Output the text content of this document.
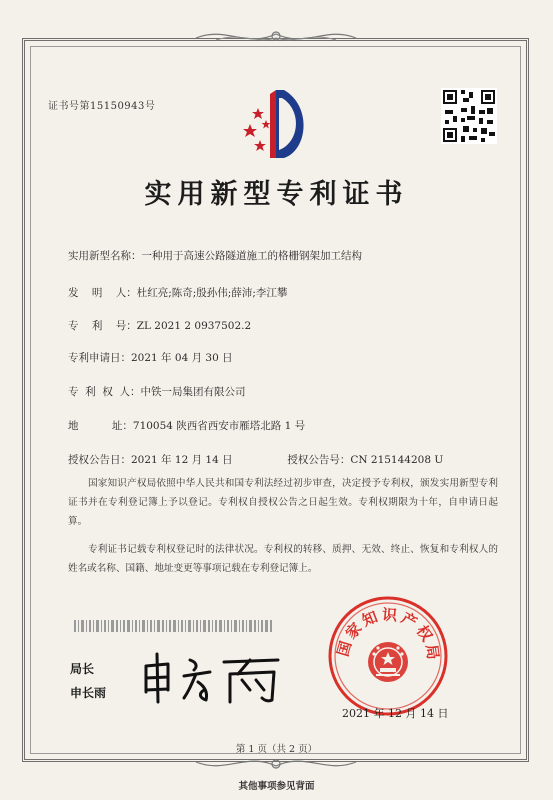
证书号第15150943号
实用新型专利证书
实用新型名称：一种用于高速公路隧道施工的格栅钢架加工结构
发    明    人：杜红亮;陈奇;殷孙伟;薛沛;李江攀
专    利    号：ZL 2021 2 0937502.2
专利申请日：2021 年 04 月 30 日
专  利  权  人：中铁一局集团有限公司
地          址：710054 陕西省西安市雁塔北路 1 号
授权公告日：2021 年 12 月 14 日	授权公告号：CN 215144208 U
国家知识产权局依照中华人民共和国专利法经过初步审查，决定授予专利权，颁发实用新型专利证书并在专利登记簿上予以登记。专利权自授权公告之日起生效。专利权期限为十年，自申请日起算。
专利证书记载专利权登记时的法律状况。专利权的转移、质押、无效、终止、恢复和专利权人的姓名或名称、国籍、地址变更等事项记载在专利登记簿上。
局长
申长雨
国家知识产权局
2021 年 12 月 14 日
第 1 页（共 2 页）
其他事项参见背面
